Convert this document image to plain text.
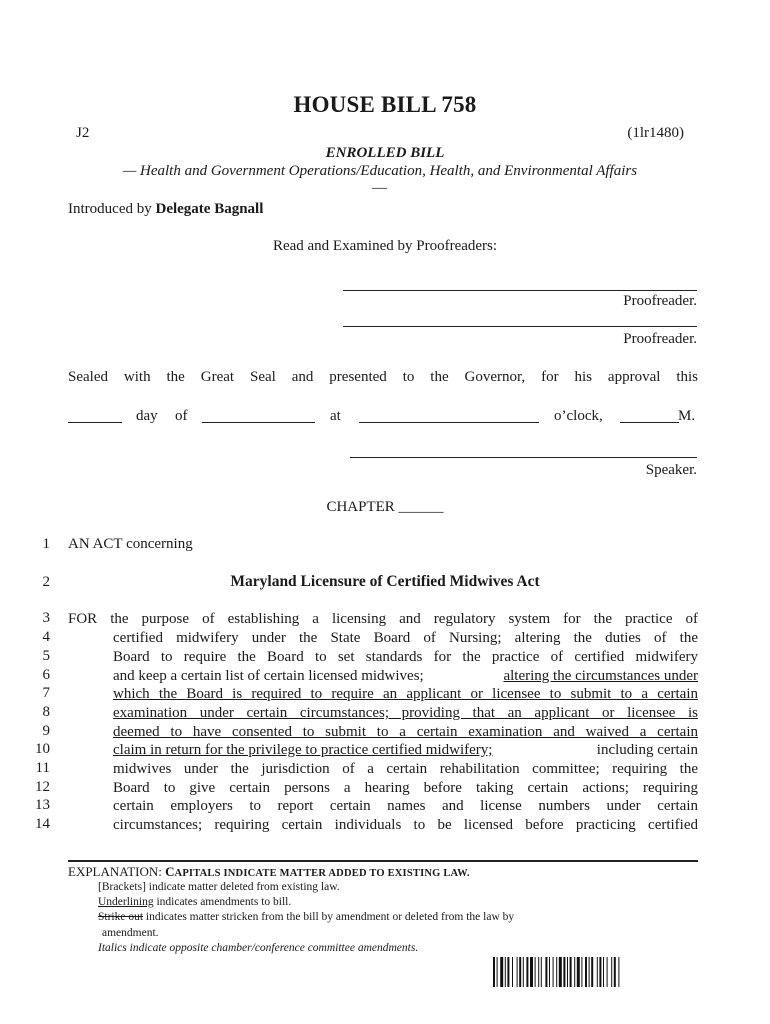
HOUSE BILL 758
J2	(1lr1480)
ENROLLED BILL
— Health and Government Operations/Education, Health, and Environmental Affairs
—
Introduced by Delegate Bagnall
Read and Examined by Proofreaders:
Proofreader.
Proofreader.
Sealed with the Great Seal and presented to the Governor, for his approval this
day of	at	o’clock,	M.
Speaker.
CHAPTER ______
1
2
3
4
5
6
7
8
9
10
11
12
13
14
AN ACT concerning
Maryland Licensure of Certified Midwives Act
FOR the purpose of establishing a licensing and regulatory system for the practice of
certified midwifery under the State Board of Nursing; altering the duties of the
Board to require the Board to set standards for the practice of certified midwifery
and keep a certain list of certain licensed midwives;	altering the circumstances under
which the Board is required to require an applicant or licensee to submit to a certain
examination under certain circumstances; providing that an applicant or licensee is
deemed to have consented to submit to a certain examination and waived a certain
claim in return for the privilege to practice certified midwifery;	including certain
midwives under the jurisdiction of a certain rehabilitation committee; requiring the
Board to give certain persons a hearing before taking certain actions; requiring
certain employers to report certain names and license numbers under certain
circumstances; requiring certain individuals to be licensed before practicing certified
EXPLANATION: CAPITALS INDICATE MATTER ADDED TO EXISTING LAW.
[Brackets] indicate matter deleted from existing law.
Underlining indicates amendments to bill.
Strike out indicates matter stricken from the bill by amendment or deleted from the law by
amendment.
Italics indicate opposite chamber/conference committee amendments.
